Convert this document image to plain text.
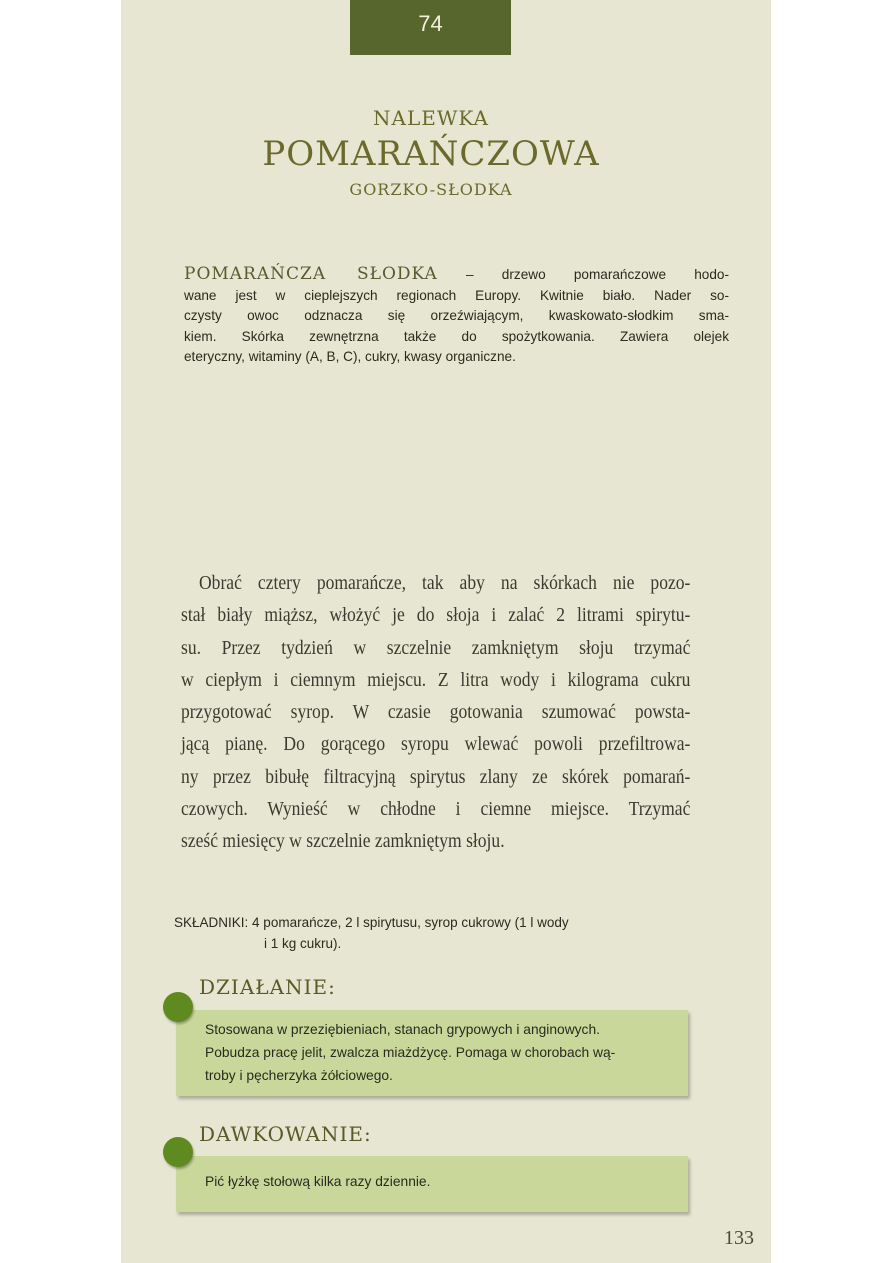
74
NALEWKA
POMARAŃCZOWA
GORZKO-SŁODKA
POMARAŃCZA SŁODKA – drzewo pomarańczowe hodo-
wane jest w cieplejszych regionach Europy. Kwitnie biało. Nader so-
czysty owoc odznacza się orzeźwiającym, kwaskowato-słodkim sma-
kiem. Skórka zewnętrzna także do spożytkowania. Zawiera olejek
eteryczny, witaminy (A, B, C), cukry, kwasy organiczne.
Obrać cztery pomarańcze, tak aby na skórkach nie pozo-
stał biały miąższ, włożyć je do słoja i zalać 2 litrami spirytu-
su. Przez tydzień w szczelnie zamkniętym słoju trzymać
w ciepłym i ciemnym miejscu. Z litra wody i kilograma cukru
przygotować syrop. W czasie gotowania szumować powsta-
jącą pianę. Do gorącego syropu wlewać powoli przefiltrowa-
ny przez bibułę filtracyjną spirytus zlany ze skórek pomarań-
czowych. Wynieść w chłodne i ciemne miejsce. Trzymać
sześć miesięcy w szczelnie zamkniętym słoju.
SKŁADNIKI: 4 pomarańcze, 2 l spirytusu, syrop cukrowy (1 l wody
i 1 kg cukru).
Stosowana w przeziębieniach, stanach grypowych i anginowych.
Pobudza pracę jelit, zwalcza miażdżycę. Pomaga w chorobach wą-
troby i pęcherzyka żółciowego.
DZIAŁANIE:
Pić łyżkę stołową kilka razy dziennie.
DAWKOWANIE:
133
